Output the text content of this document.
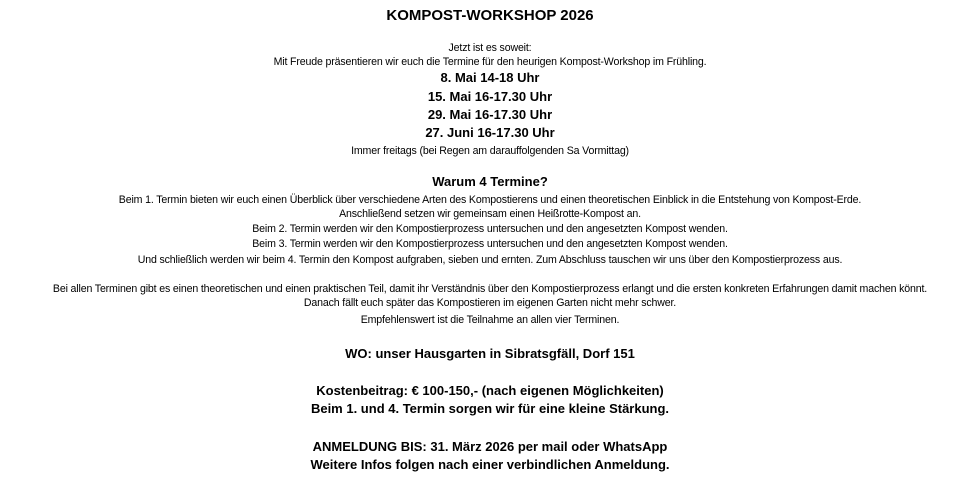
KOMPOST-WORKSHOP 2026
Jetzt ist es soweit:
Mit Freude präsentieren wir euch die Termine für den heurigen Kompost-Workshop im Frühling.
8. Mai 14-18 Uhr
15. Mai 16-17.30 Uhr
29. Mai 16-17.30 Uhr
27. Juni 16-17.30 Uhr
Immer freitags (bei Regen am darauffolgenden Sa Vormittag)
Warum 4 Termine?
Beim 1. Termin bieten wir euch einen Überblick über verschiedene Arten des Kompostierens und einen theoretischen Einblick in die Entstehung von Kompost-Erde.
Anschließend setzen wir gemeinsam einen Heißrotte-Kompost an.
Beim 2. Termin werden wir den Kompostierprozess untersuchen und den angesetzten Kompost wenden.
Beim 3. Termin werden wir den Kompostierprozess untersuchen und den angesetzten Kompost wenden.
Und schließlich werden wir beim 4. Termin den Kompost aufgraben, sieben und ernten. Zum Abschluss tauschen wir uns über den Kompostierprozess aus.
Bei allen Terminen gibt es einen theoretischen und einen praktischen Teil, damit ihr Verständnis über den Kompostierprozess erlangt und die ersten konkreten Erfahrungen damit machen könnt.
Danach fällt euch später das Kompostieren im eigenen Garten nicht mehr schwer.
Empfehlenswert ist die Teilnahme an allen vier Terminen.
WO: unser Hausgarten in Sibratsgfäll, Dorf 151
Kostenbeitrag: € 100-150,- (nach eigenen Möglichkeiten)
Beim 1. und 4. Termin sorgen wir für eine kleine Stärkung.
ANMELDUNG BIS: 31. März 2026 per mail oder WhatsApp
Weitere Infos folgen nach einer verbindlichen Anmeldung.
